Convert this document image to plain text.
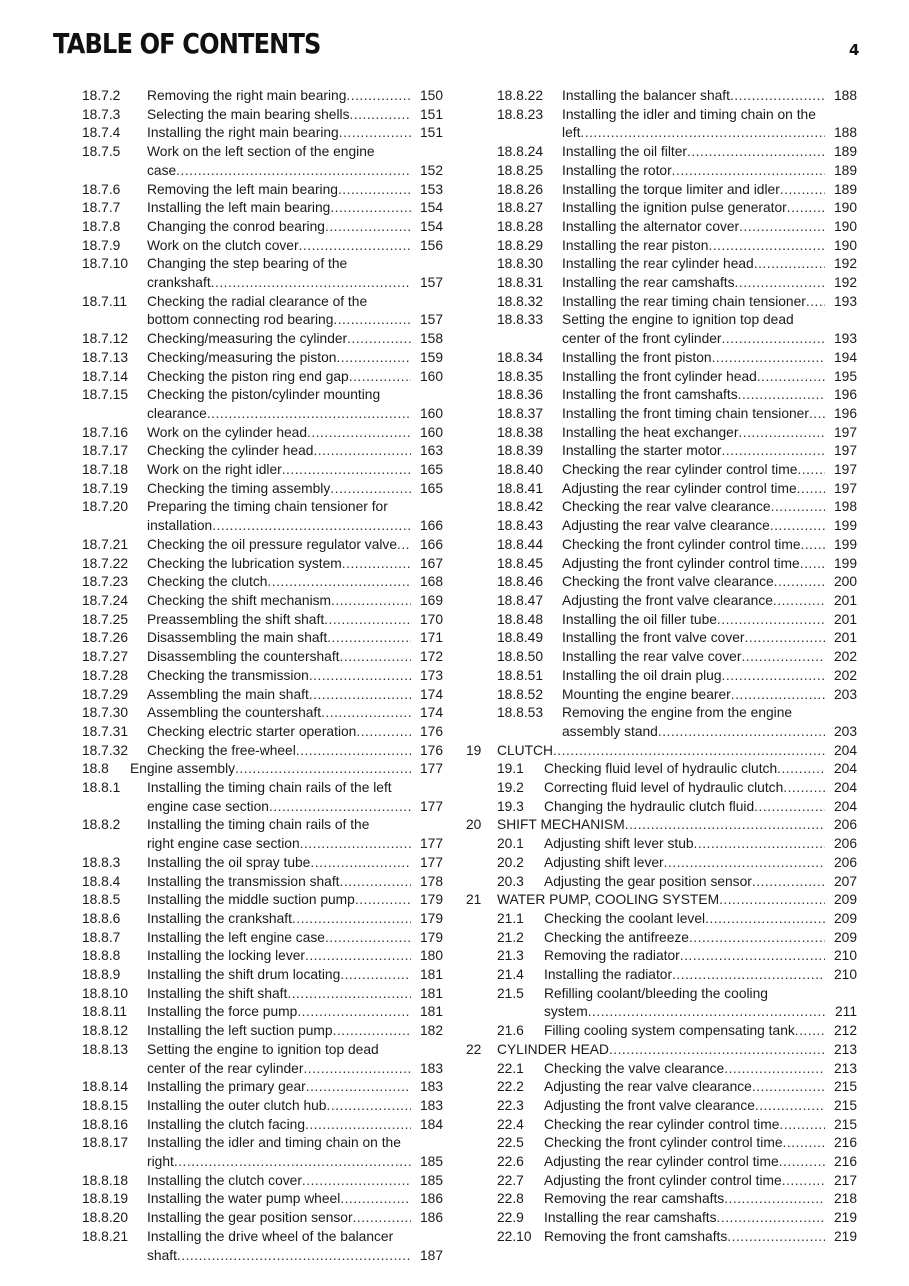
TABLE OF CONTENTS	4
18.7.2 Removing the right main bearing .....	150
18.7.3 Selecting the main bearing shells .....	151
18.7.4 Installing the right main bearing .....	151
18.7.5 Work on the left section of the engine
case .....	152
18.7.6 Removing the left main bearing .....	153
18.7.7 Installing the left main bearing .....	154
18.7.8 Changing the conrod bearing .....	154
18.7.9 Work on the clutch cover .....	156
18.7.10 Changing the step bearing of the
crankshaft .....	157
18.7.11 Checking the radial clearance of the
bottom connecting rod bearing .....	157
18.7.12 Checking/measuring the cylinder .....	158
18.7.13 Checking/measuring the piston .....	159
18.7.14 Checking the piston ring end gap .....	160
18.7.15 Checking the piston/cylinder mounting
clearance .....	160
18.7.16 Work on the cylinder head .....	160
18.7.17 Checking the cylinder head .....	163
18.7.18 Work on the right idler .....	165
18.7.19 Checking the timing assembly .....	165
18.7.20 Preparing the timing chain tensioner for
installation .....	166
18.7.21 Checking the oil pressure regulator valve ..... 166
18.7.22 Checking the lubrication system .....	167
18.7.23 Checking the clutch .....	168
18.7.24 Checking the shift mechanism .....	169
18.7.25 Preassembling the shift shaft .....	170
18.7.26 Disassembling the main shaft .....	171
18.7.27 Disassembling the countershaft .....	172
18.7.28 Checking the transmission .....	173
18.7.29 Assembling the main shaft .....	174
18.7.30 Assembling the countershaft .....	174
18.7.31 Checking electric starter operation .....	176
18.7.32 Checking the free-wheel .....	176
18.8 Engine assembly .....	177
18.8.1 Installing the timing chain rails of the left
engine case section .....	177
18.8.2 Installing the timing chain rails of the
right engine case section .....	177
18.8.3 Installing the oil spray tube .....	177
18.8.4 Installing the transmission shaft .....	178
18.8.5 Installing the middle suction pump .....	179
18.8.6 Installing the crankshaft .....	179
18.8.7 Installing the left engine case .....	179
18.8.8 Installing the locking lever .....	180
18.8.9 Installing the shift drum locating .....	181
18.8.10 Installing the shift shaft .....	181
18.8.11 Installing the force pump .....	181
18.8.12 Installing the left suction pump .....	182
18.8.13 Setting the engine to ignition top dead
center of the rear cylinder .....	183
18.8.14 Installing the primary gear .....	183
18.8.15 Installing the outer clutch hub .....	183
18.8.16 Installing the clutch facing .....	184
18.8.17 Installing the idler and timing chain on the
right .....	185
18.8.18 Installing the clutch cover .....	185
18.8.19 Installing the water pump wheel .....	186
18.8.20 Installing the gear position sensor .....	186
18.8.21 Installing the drive wheel of the balancer
shaft .....	187
18.8.22 Installing the balancer shaft .....	188
18.8.23 Installing the idler and timing chain on the
left .....	188
18.8.24 Installing the oil filter .....	189
18.8.25 Installing the rotor .....	189
18.8.26 Installing the torque limiter and idler .....	189
18.8.27 Installing the ignition pulse generator .....	190
18.8.28 Installing the alternator cover .....	190
18.8.29 Installing the rear piston .....	190
18.8.30 Installing the rear cylinder head .....	192
18.8.31 Installing the rear camshafts .....	192
18.8.32 Installing the rear timing chain tensioner ..... 193
18.8.33 Setting the engine to ignition top dead
center of the front cylinder .....	193
18.8.34 Installing the front piston .....	194
18.8.35 Installing the front cylinder head .....	195
18.8.36 Installing the front camshafts .....	196
18.8.37 Installing the front timing chain tensioner ..... 196
18.8.38 Installing the heat exchanger .....	197
18.8.39 Installing the starter motor .....	197
18.8.40 Checking the rear cylinder control time .....	197
18.8.41 Adjusting the rear cylinder control time .....	197
18.8.42 Checking the rear valve clearance .....	198
18.8.43 Adjusting the rear valve clearance .....	199
18.8.44 Checking the front cylinder control time ..... 199
18.8.45 Adjusting the front cylinder control time ..... 199
18.8.46 Checking the front valve clearance .....	200
18.8.47 Adjusting the front valve clearance .....	201
18.8.48 Installing the oil filler tube .....	201
18.8.49 Installing the front valve cover .....	201
18.8.50 Installing the rear valve cover .....	202
18.8.51 Installing the oil drain plug .....	202
18.8.52 Mounting the engine bearer .....	203
18.8.53 Removing the engine from the engine
assembly stand .....	203
19 CLUTCH .....	204
19.1 Checking fluid level of hydraulic clutch .....	204
19.2 Correcting fluid level of hydraulic clutch .....	204
19.3 Changing the hydraulic clutch fluid .....	204
20 SHIFT MECHANISM .....	206
20.1 Adjusting shift lever stub .....	206
20.2 Adjusting shift lever .....	206
20.3 Adjusting the gear position sensor .....	207
21 WATER PUMP, COOLING SYSTEM .....	209
21.1 Checking the coolant level .....	209
21.2 Checking the antifreeze .....	209
21.3 Removing the radiator .....	210
21.4 Installing the radiator .....	210
21.5 Refilling coolant/bleeding the cooling
system .....	211
21.6 Filling cooling system compensating tank .....	212
22 CYLINDER HEAD .....	213
22.1 Checking the valve clearance .....	213
22.2 Adjusting the rear valve clearance .....	215
22.3 Adjusting the front valve clearance .....	215
22.4 Checking the rear cylinder control time .....	215
22.5 Checking the front cylinder control time .....	216
22.6 Adjusting the rear cylinder control time .....	216
22.7 Adjusting the front cylinder control time .....	217
22.8 Removing the rear camshafts .....	218
22.9 Installing the rear camshafts .....	219
22.10 Removing the front camshafts .....	219
